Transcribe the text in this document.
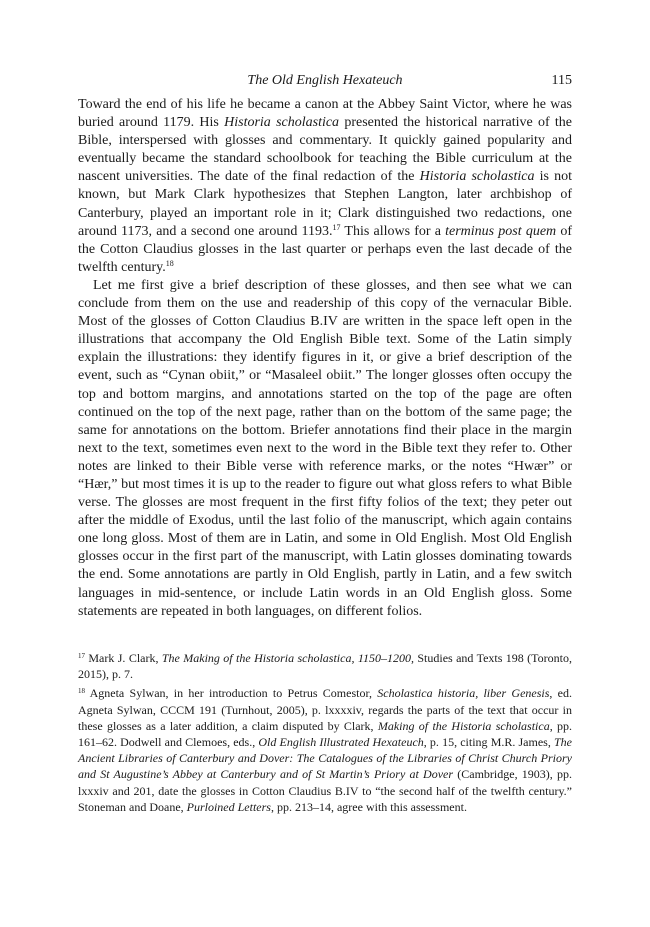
The Old English Hexateuch	115

Toward the end of his life he became a canon at the Abbey Saint Victor, where he was buried around 1179. His Historia scholastica presented the historical narrative of the Bible, interspersed with glosses and commentary. It quickly gained popularity and eventually became the standard schoolbook for teaching the Bible curriculum at the nascent universities. The date of the final redaction of the Historia scholastica is not known, but Mark Clark hypothesizes that Stephen Langton, later archbishop of Canterbury, played an important role in it; Clark distinguished two redactions, one around 1173, and a second one around 1193.17 This allows for a terminus post quem of the Cotton Claudius glosses in the last quarter or perhaps even the last decade of the twelfth century.$^{18}$

Let me first give a brief description of these glosses, and then see what we can conclude from them on the use and readership of this copy of the vernacular Bible. Most of the glosses of Cotton Claudius B.IV are written in the space left open in the illustrations that accompany the Old English Bible text. Some of the Latin simply explain the illustrations: they identify figures in it, or give a brief description of the event, such as “Cynan obiit,” or “Masaleel obiit.” The longer glosses often occupy the top and bottom margins, and annotations started on the top of the page are often continued on the top of the next page, rather than on the bottom of the same page; the same for annotations on the bottom. Briefer annotations find their place in the margin next to the text, sometimes even next to the word in the Bible text they refer to. Other notes are linked to their Bible verse with reference marks, or the notes “Hwær” or “Hær,” but most times it is up to the reader to figure out what gloss refers to what Bible verse. The glosses are most frequent in the first fifty folios of the text; they peter out after the middle of Exodus, until the last folio of the manuscript, which again contains one long gloss. Most of them are in Latin, and some in Old English. Most Old English glosses occur in the first part of the manuscript, with Latin glosses dominating towards the end. Some annotations are partly in Old English, partly in Latin, and a few switch languages in mid-sentence, or include Latin words in an Old English gloss. Some statements are repeated in both languages, on different folios.

$^{17}$ Mark J. Clark, The Making of the Historia scholastica, 1150–1200, Studies and Texts 198 (Toronto, 2015), p. 7.

$^{18}$ Agneta Sylwan, in her introduction to Petrus Comestor, Scholastica historia, liber Genesis, ed. Agneta Sylwan, CCCM 191 (Turnhout, 2005), p. lxxxxiv, regards the parts of the text that occur in these glosses as a later addition, a claim disputed by Clark, Making of the Historia scholastica, pp. 161–62. Dodwell and Clemoes, eds., Old English Illustrated Hexateuch, p. 15, citing M.R. James, The Ancient Libraries of Canterbury and Dover: The Catalogues of the Libraries of Christ Church Priory and St Augustine’s Abbey at Canterbury and of St Martin’s Priory at Dover (Cambridge, 1903), pp. lxxxiv and 201, date the glosses in Cotton Claudius B.IV to “the second half of the twelfth century.” Stoneman and Doane, Purloined Letters, pp. 213–14, agree with this assessment.
